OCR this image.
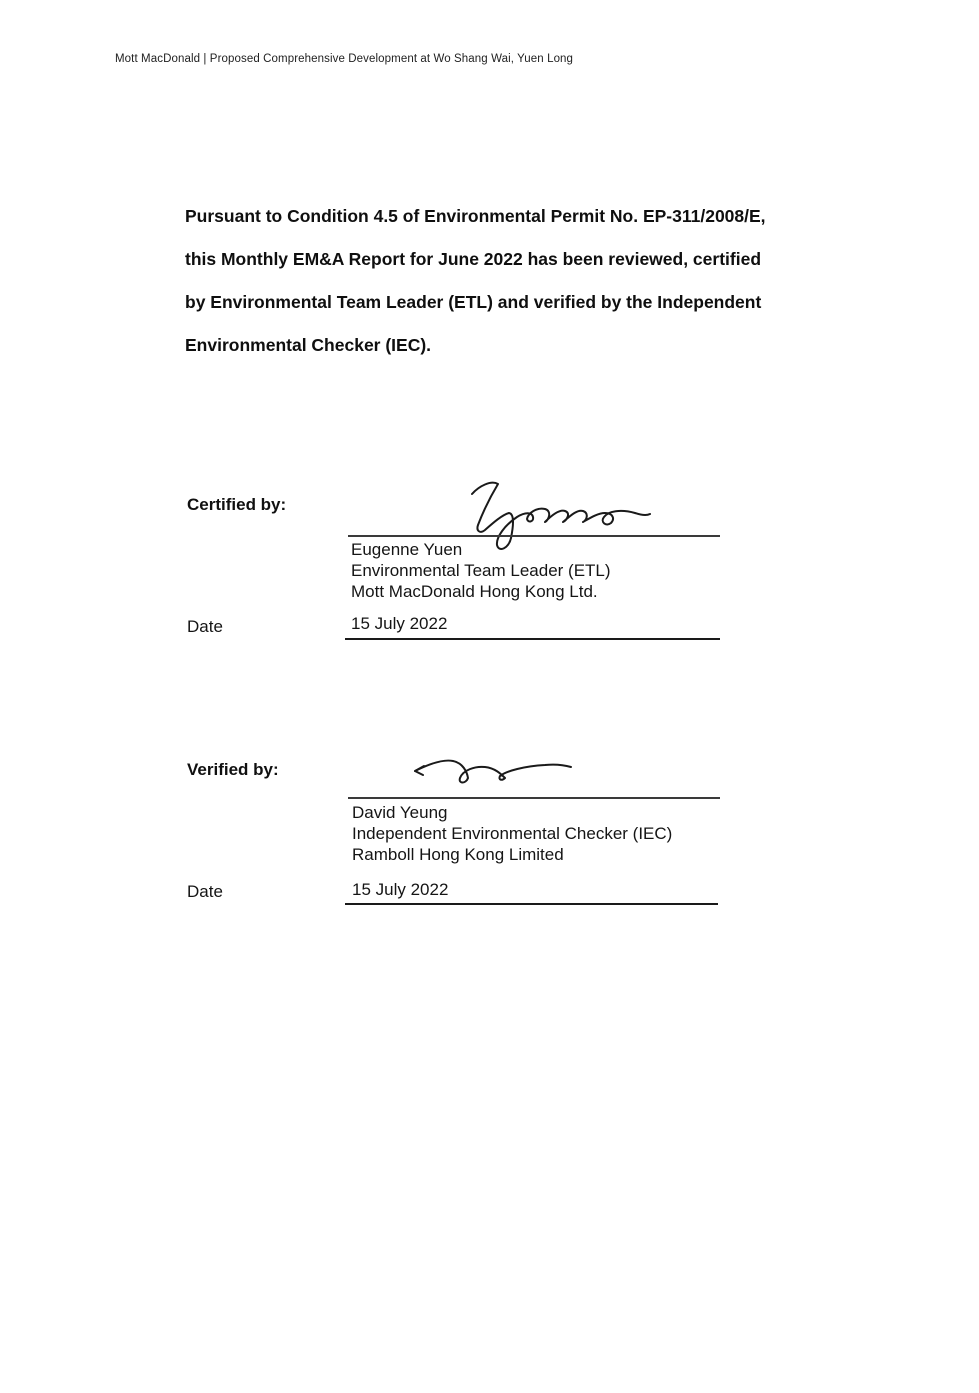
Mott MacDonald | Proposed Comprehensive Development at Wo Shang Wai, Yuen Long
Pursuant to Condition 4.5 of Environmental Permit No. EP-311/2008/E,
this Monthly EM&A Report for June 2022 has been reviewed, certified
by Environmental Team Leader (ETL) and verified by the Independent
Environmental Checker (IEC).
Certified by:
Eugenne Yuen
Environmental Team Leader (ETL)
Mott MacDonald Hong Kong Ltd.
Date	15 July 2022
Verified by:
David Yeung
Independent Environmental Checker (IEC)
Ramboll Hong Kong Limited
Date	15 July 2022
